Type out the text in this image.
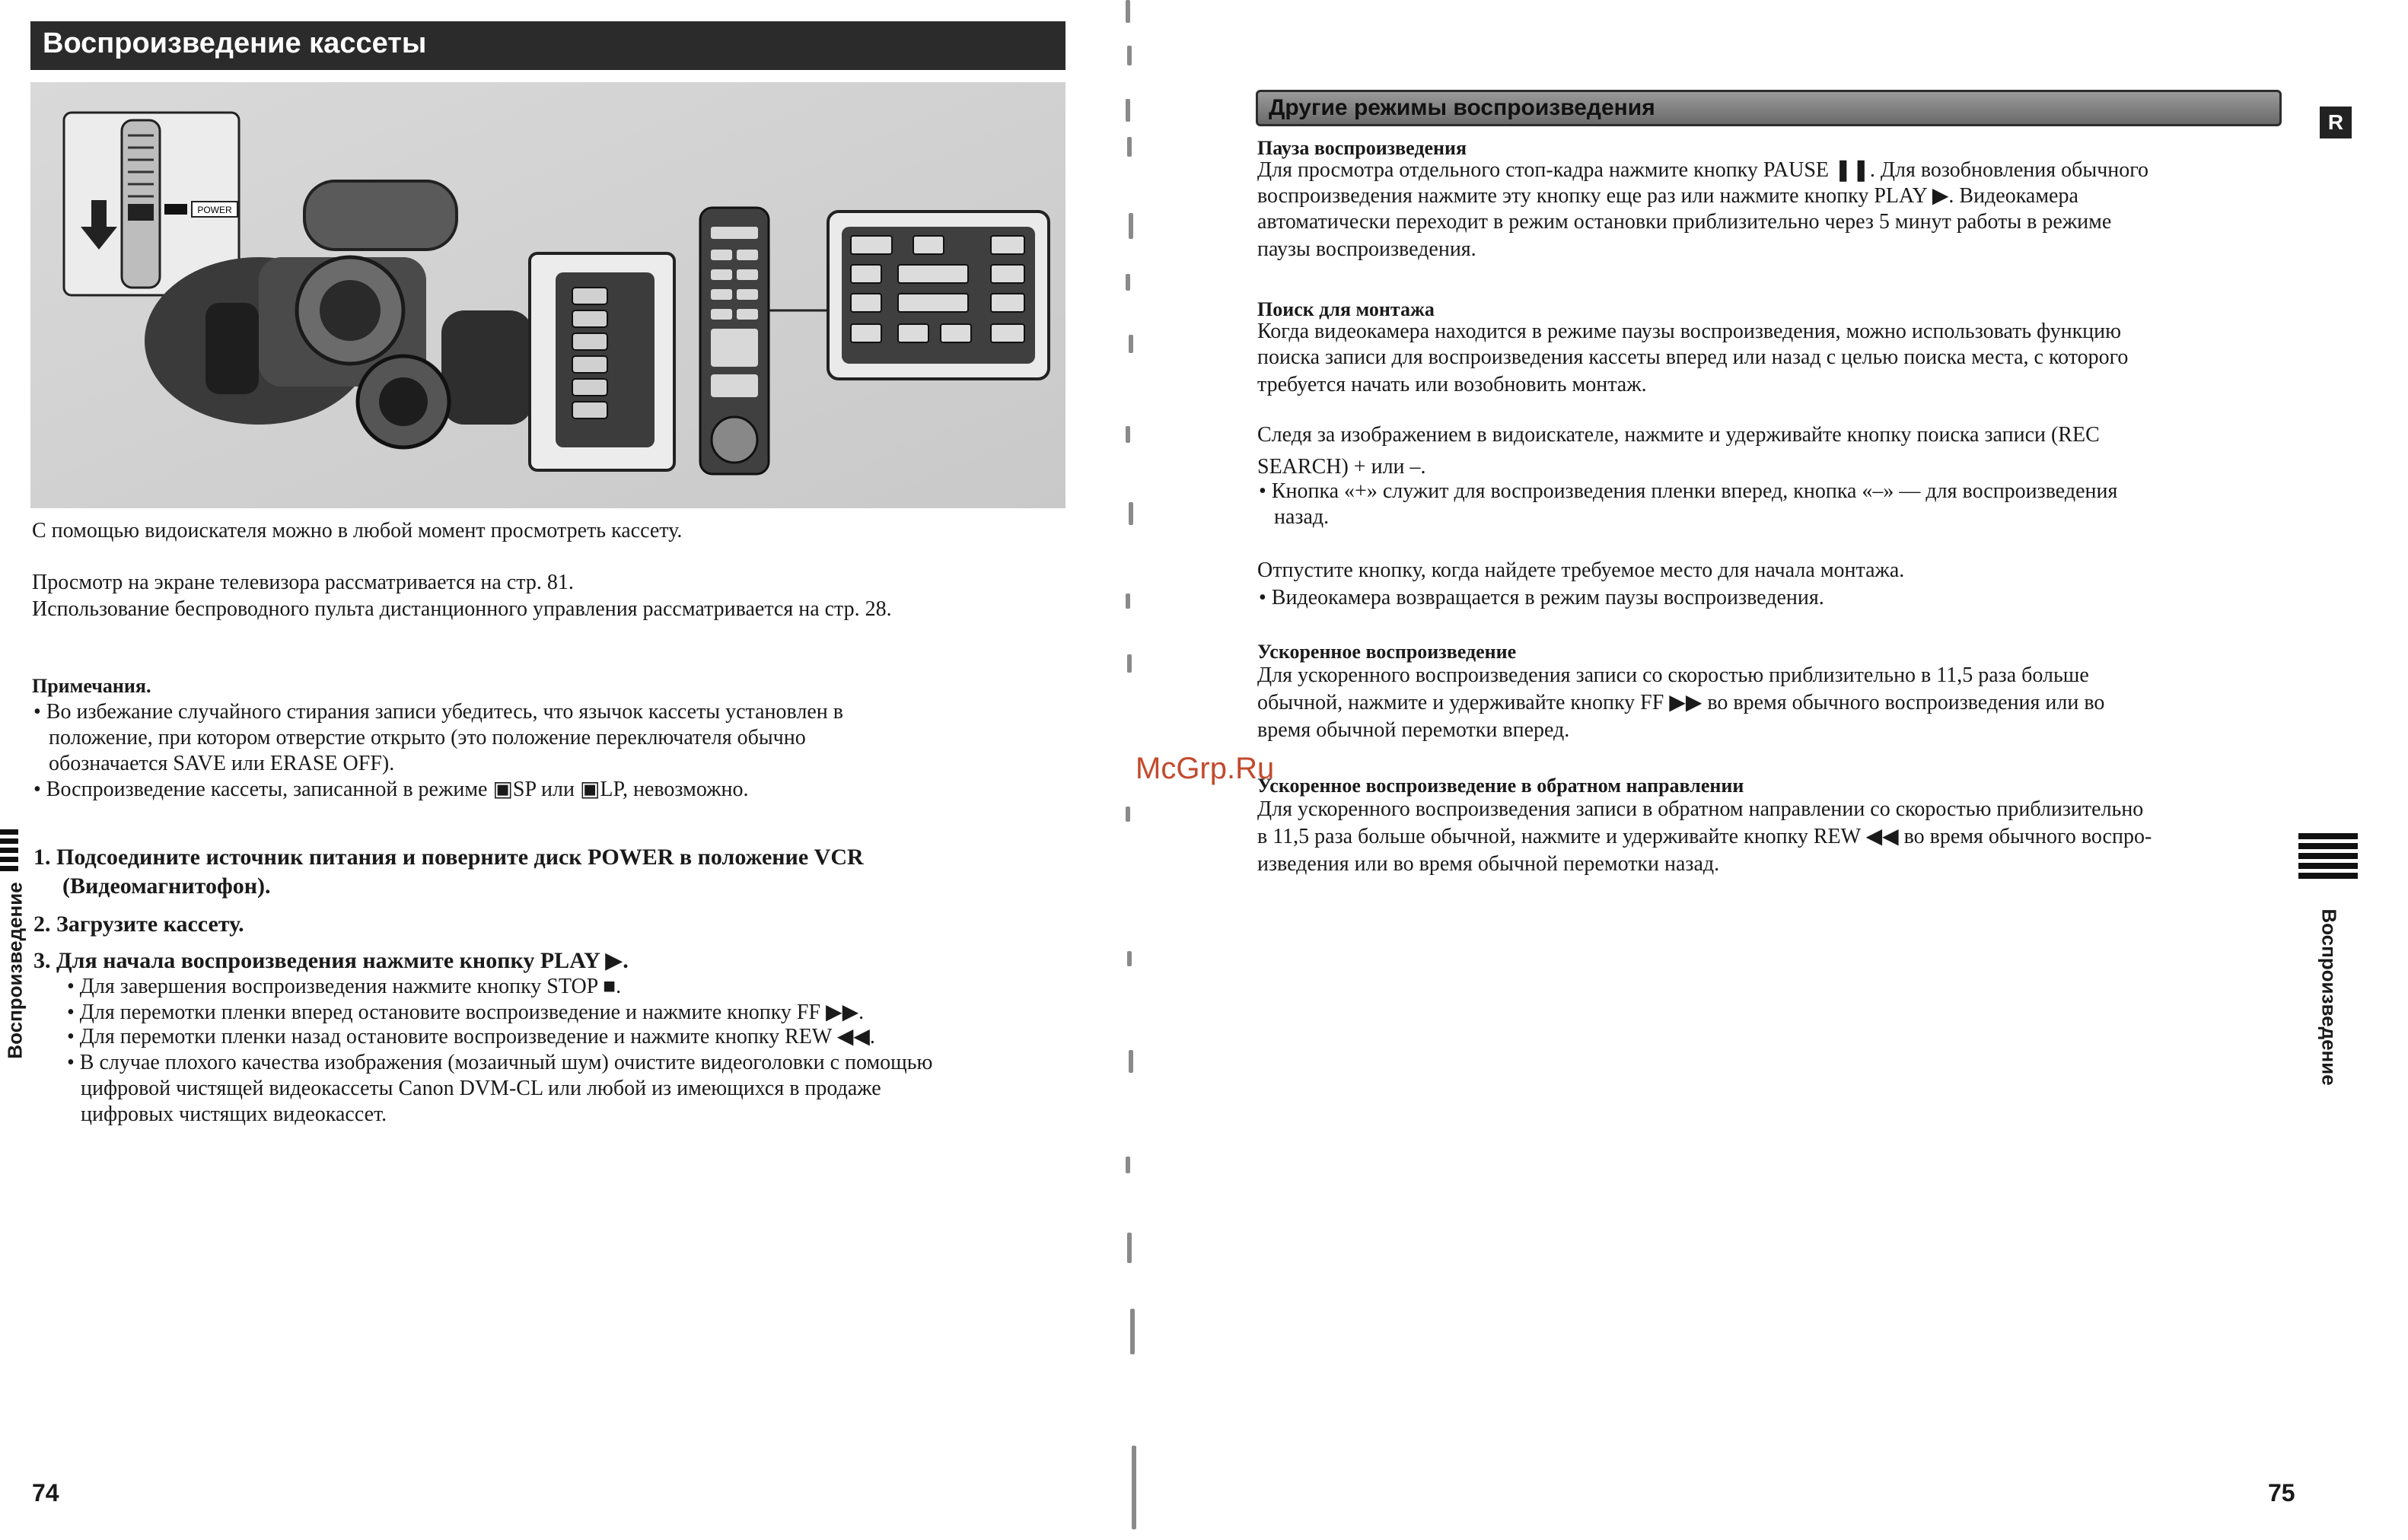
Воспроизведение кассеты
POWER
С помощью видоискателя можно в любой момент просмотреть кассету.
Просмотр на экране телевизора рассматривается на стр. 81.
Использование беспроводного пульта дистанционного управления рассматривается на стр. 28.
Примечания.
• Во избежание случайного стирания записи убедитесь, что язычок кассеты установлен в
положение, при котором отверстие открыто (это положение переключателя обычно
обозначается SAVE или ERASE OFF).
• Воспроизведение кассеты, записанной в режиме ▣SP или ▣LP, невозможно.
1. Подсоедините источник питания и поверните диск POWER в положение VCR
(Видеомагнитофон).
2. Загрузите кассету.
3. Для начала воспроизведения нажмите кнопку PLAY ▶.
• Для завершения воспроизведения нажмите кнопку STOP ■.
• Для перемотки пленки вперед остановите воспроизведение и нажмите кнопку FF ▶▶.
• Для перемотки пленки назад остановите воспроизведение и нажмите кнопку REW ◀◀.
• В случае плохого качества изображения (мозаичный шум) очистите видеоголовки с помощью
цифровой чистящей видеокассеты Canon DVM-CL или любой из имеющихся в продаже
цифровых чистящих видеокассет.
Воспроизведение
74
Другие режимы воспроизведения
R
Пауза воспроизведения
Для просмотра отдельного стоп-кадра нажмите кнопку PAUSE ❚❚. Для возобновления обычного
воспроизведения нажмите эту кнопку еще раз или нажмите кнопку PLAY ▶. Видеокамера
автоматически переходит в режим остановки приблизительно через 5 минут работы в режиме
паузы воспроизведения.
Поиск для монтажа
Когда видеокамера находится в режиме паузы воспроизведения, можно использовать функцию
поиска записи для воспроизведения кассеты вперед или назад с целью поиска места, с которого
требуется начать или возобновить монтаж.
Следя за изображением в видоискателе, нажмите и удерживайте кнопку поиска записи (REC
SEARCH) + или –.
• Кнопка «+» служит для воспроизведения пленки вперед, кнопка «–» — для воспроизведения
назад.
Отпустите кнопку, когда найдете требуемое место для начала монтажа.
• Видеокамера возвращается в режим паузы воспроизведения.
Ускоренное воспроизведение
Для ускоренного воспроизведения записи со скоростью приблизительно в 11,5 раза больше
обычной, нажмите и удерживайте кнопку FF ▶▶ во время обычного воспроизведения или во
время обычной перемотки вперед.
Ускоренное воспроизведение в обратном направлении
Для ускоренного воспроизведения записи в обратном направлении со скоростью приблизительно
в 11,5 раза больше обычной, нажмите и удерживайте кнопку REW ◀◀ во время обычного воспро-
изведения или во время обычной перемотки назад.
Воспроизведение
75
McGrp.Ru
